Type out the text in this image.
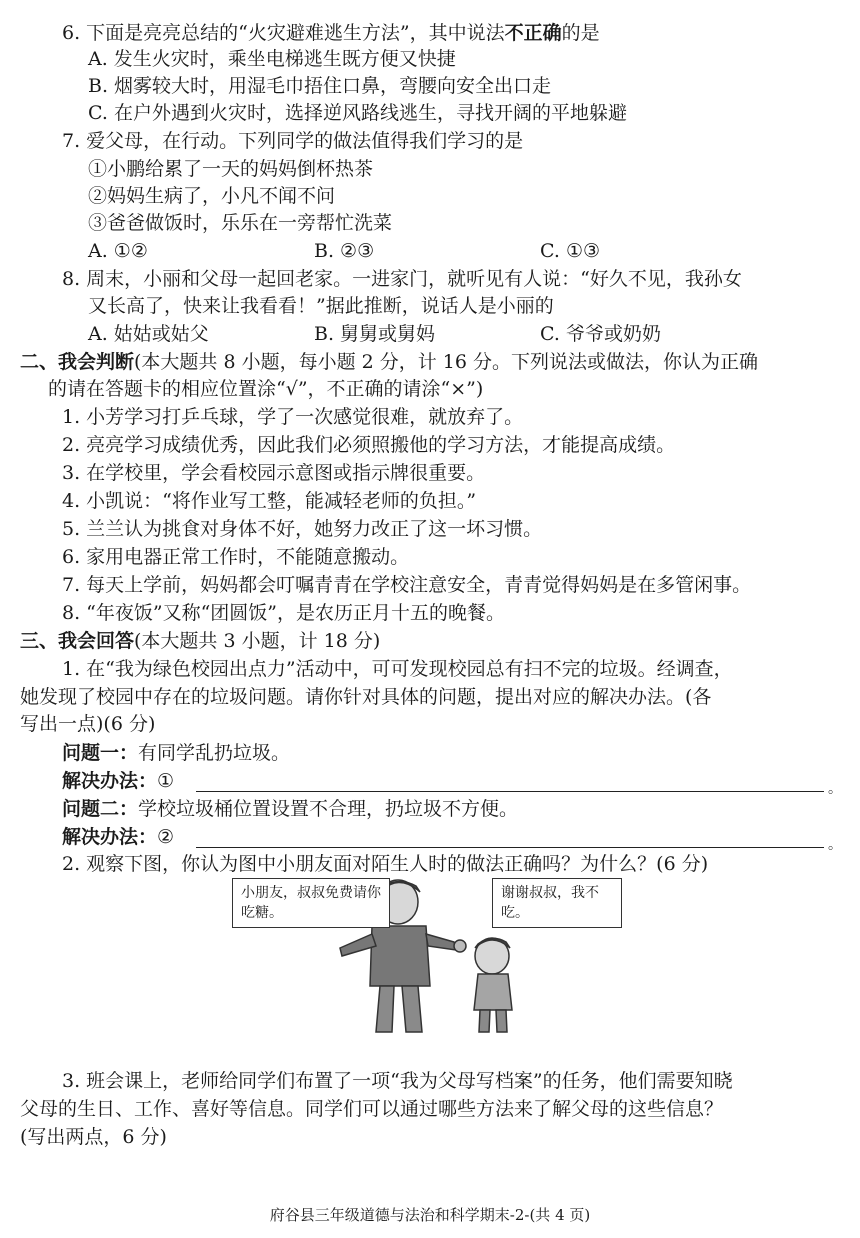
6. 下面是亮亮总结的“火灾避难逃生方法”，其中说法不正确的是
A. 发生火灾时，乘坐电梯逃生既方便又快捷
B. 烟雾较大时，用湿毛巾捂住口鼻，弯腰向安全出口走
C. 在户外遇到火灾时，选择逆风路线逃生，寻找开阔的平地躲避
7. 爱父母，在行动。下列同学的做法值得我们学习的是
①小鹏给累了一天的妈妈倒杯热茶
②妈妈生病了，小凡不闻不问
③爸爸做饭时，乐乐在一旁帮忙洗菜
A. ①②	B. ②③	C. ①③
8. 周末，小丽和父母一起回老家。一进家门，就听见有人说：“好久不见，我孙女
又长高了，快来让我看看！”据此推断，说话人是小丽的
A. 姑姑或姑父	B. 舅舅或舅妈	C. 爷爷或奶奶
二、我会判断(本大题共 8 小题，每小题 2 分，计 16 分。下列说法或做法，你认为正确
的请在答题卡的相应位置涂“√”，不正确的请涂“×”)
1. 小芳学习打乒乓球，学了一次感觉很难，就放弃了。
2. 亮亮学习成绩优秀，因此我们必须照搬他的学习方法，才能提高成绩。
3. 在学校里，学会看校园示意图或指示牌很重要。
4. 小凯说：“将作业写工整，能减轻老师的负担。”
5. 兰兰认为挑食对身体不好，她努力改正了这一坏习惯。
6. 家用电器正常工作时，不能随意搬动。
7. 每天上学前，妈妈都会叮嘱青青在学校注意安全，青青觉得妈妈是在多管闲事。
8. “年夜饭”又称“团圆饭”，是农历正月十五的晚餐。
三、我会回答(本大题共 3 小题，计 18 分)
1. 在“我为绿色校园出点力”活动中，可可发现校园总有扫不完的垃圾。经调查，
她发现了校园中存在的垃圾问题。请你针对具体的问题，提出对应的解决办法。(各
写出一点)(6 分)
问题一：有同学乱扔垃圾。
解决办法：①	。
问题二：学校垃圾桶位置设置不合理，扔垃圾不方便。
解决办法：②	。
2. 观察下图，你认为图中小朋友面对陌生人时的做法正确吗？为什么？(6 分)
小朋友，叔叔免费请你吃糖。
谢谢叔叔，我不吃。
3. 班会课上，老师给同学们布置了一项“我为父母写档案”的任务，他们需要知晓
父母的生日、工作、喜好等信息。同学们可以通过哪些方法来了解父母的这些信息？
(写出两点，6 分)
府谷县三年级道德与法治和科学期末-2-(共 4 页)
